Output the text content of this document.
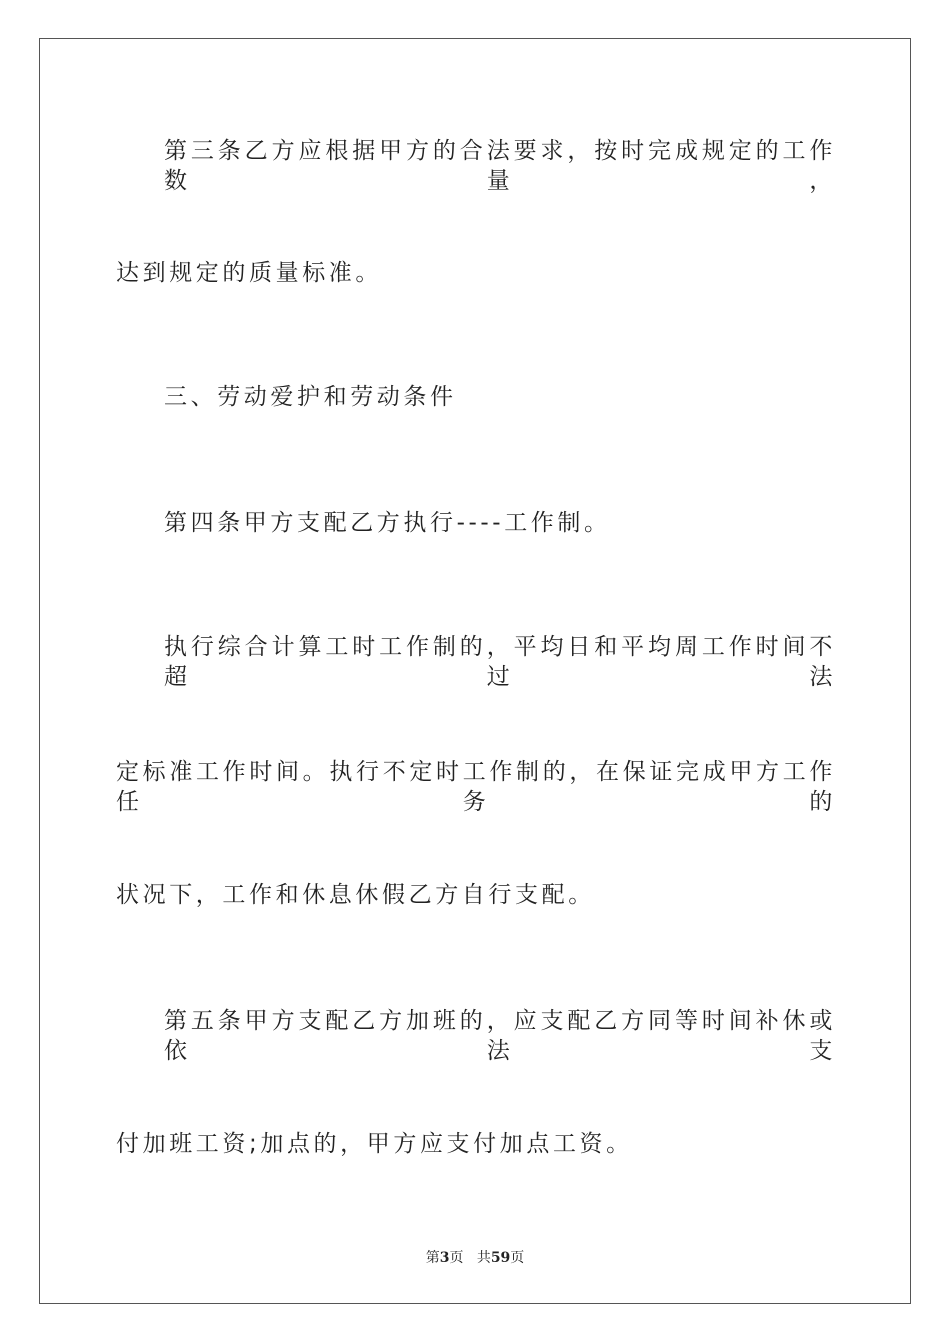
第三条乙方应根据甲方的合法要求，按时完成规定的工作数量，
达到规定的质量标准。
三、劳动爱护和劳动条件
第四条甲方支配乙方执行----工作制。
执行综合计算工时工作制的，平均日和平均周工作时间不超过法
定标准工作时间。执行不定时工作制的，在保证完成甲方工作任务的
状况下，工作和休息休假乙方自行支配。
第五条甲方支配乙方加班的，应支配乙方同等时间补休或依法支
付加班工资;加点的，甲方应支付加点工资。
第3页 共59页
